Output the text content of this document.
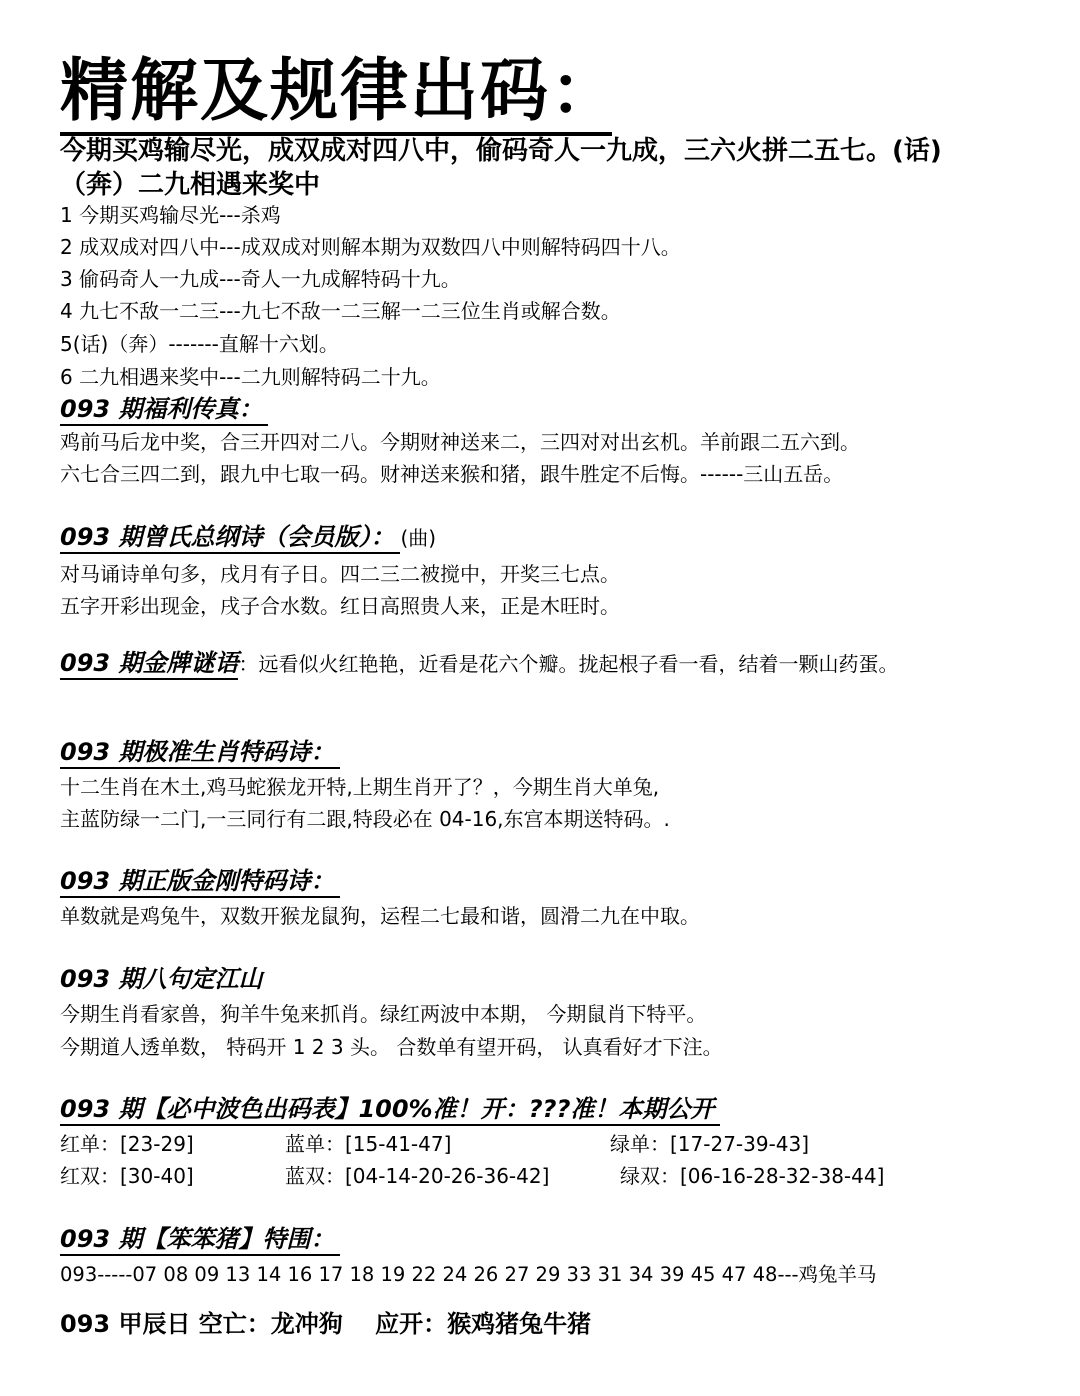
精解及规律出码：
今期买鸡输尽光，成双成对四八中，偷码奇人一九成，三六火拼二五七。(话)
（奔）二九相遇来奖中
1 今期买鸡输尽光---杀鸡
2 成双成对四八中---成双成对则解本期为双数四八中则解特码四十八。
3 偷码奇人一九成---奇人一九成解特码十九。
4 九七不敌一二三---九七不敌一二三解一二三位生肖或解合数。
5(话)（奔）-------直解十六划。
6 二九相遇来奖中---二九则解特码二十九。
093 期福利传真：
鸡前马后龙中奖，合三开四对二八。今期财神送来二，三四对对出玄机。羊前跟二五六到。
六七合三四二到，跟九中七取一码。财神送来猴和猪，跟牛胜定不后悔。------三山五岳。
093 期曾氏总纲诗（会员版）： (曲)
对马诵诗单句多，戌月有子日。四二三二被搅中，开奖三七点。
五字开彩出现金，戌子合水数。红日高照贵人来，正是木旺时。
093 期金牌谜语：远看似火红艳艳，近看是花六个瓣。拢起根子看一看，结着一颗山药蛋。
093 期极准生肖特码诗：
十二生肖在木土,鸡马蛇猴龙开特,上期生肖开了？，今期生肖大单兔,
主蓝防绿一二门,一三同行有二跟,特段必在 04-16,东宫本期送特码。.
093 期正版金刚特码诗：
单数就是鸡兔牛，双数开猴龙鼠狗，运程二七最和谐，圆滑二九在中取。
093 期八句定江山
今期生肖看家兽，狗羊牛兔来抓肖。绿红两波中本期， 今期鼠肖下特平。
今期道人透单数， 特码开 1 2 3 头。 合数单有望开码， 认真看好才下注。
093 期【必中波色出码表】100%准！开：???准！本期公开
红单：[23-29]	蓝单：[15-41-47]	绿单：[17-27-39-43]
红双：[30-40]	蓝双：[04-14-20-26-36-42]	绿双：[06-16-28-32-38-44]
093 期【笨笨猪】特围：
093-----07 08 09 13 14 16 17 18 19 22 24 26 27 29 33 31 34 39 45 47 48---鸡兔羊马
093 甲辰日 空亡：龙冲狗　 应开：猴鸡猪兔牛猪
